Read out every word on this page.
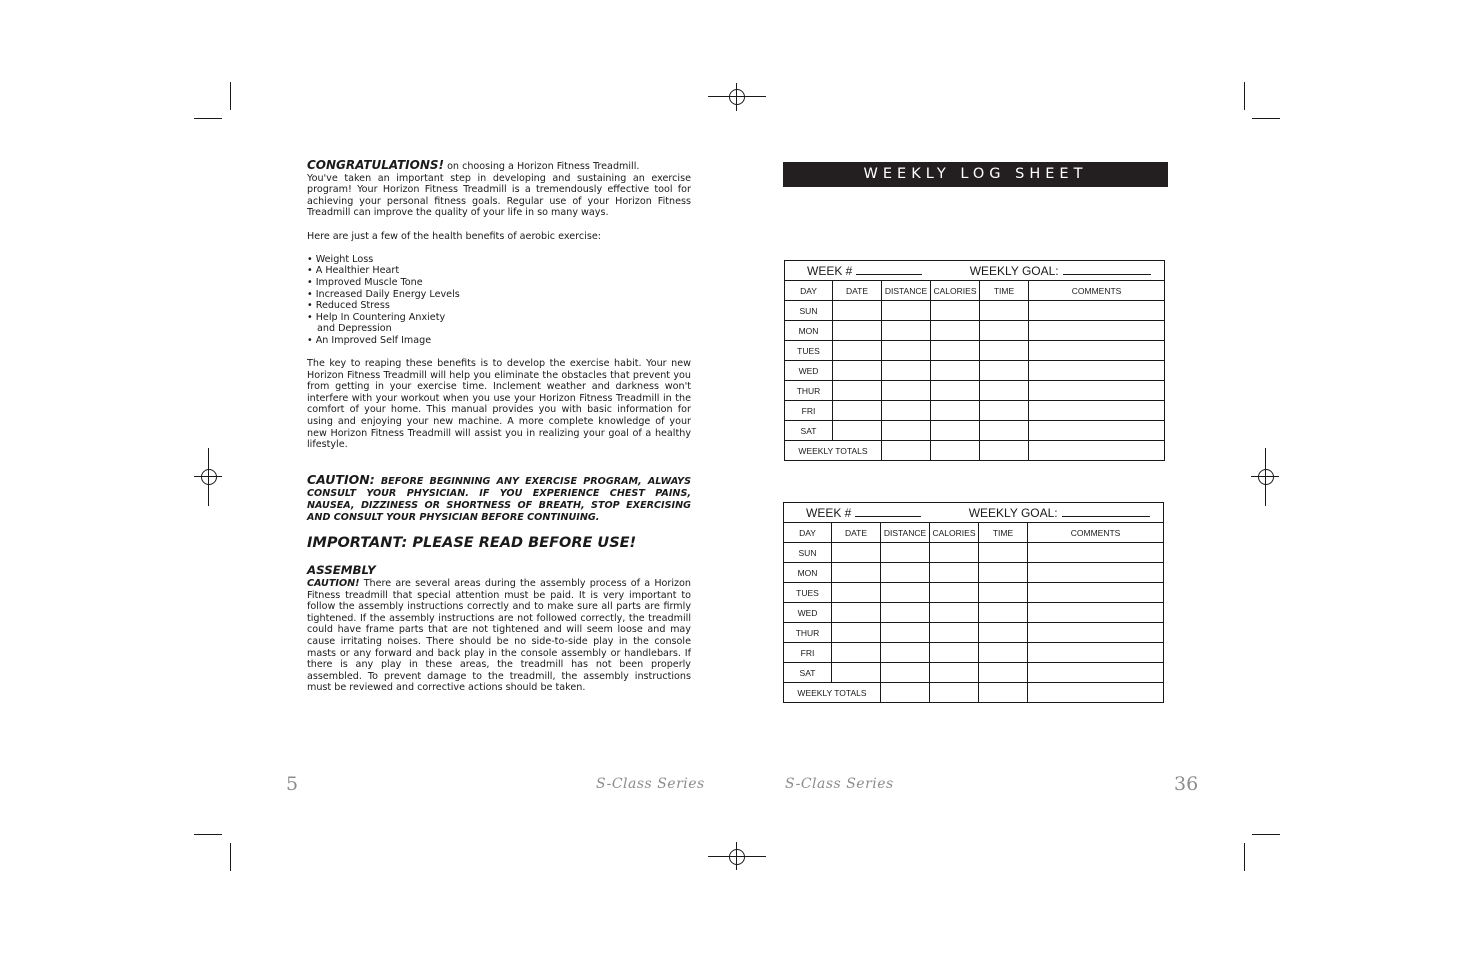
CONGRATULATIONS! on choosing a Horizon Fitness Treadmill.

You've taken an important step in developing and sustaining an exercise program! Your Horizon Fitness Treadmill is a tremendously effective tool for achieving your personal fitness goals. Regular use of your Horizon Fitness Treadmill can improve the quality of your life in so many ways.

Here are just a few of the health benefits of aerobic exercise:

• Weight Loss
• A Healthier Heart
• Improved Muscle Tone
• Increased Daily Energy Levels
• Reduced Stress
• Help In Countering Anxiety and Depression
• An Improved Self Image

The key to reaping these benefits is to develop the exercise habit. Your new Horizon Fitness Treadmill will help you eliminate the obstacles that prevent you from getting in your exercise time. Inclement weather and darkness won't interfere with your workout when you use your Horizon Fitness Treadmill in the comfort of your home. This manual provides you with basic information for using and enjoying your new machine. A more complete knowledge of your new Horizon Fitness Treadmill will assist you in realizing your goal of a healthy lifestyle.

CAUTION: BEFORE BEGINNING ANY EXERCISE PROGRAM, ALWAYS CONSULT YOUR PHYSICIAN. IF YOU EXPERIENCE CHEST PAINS, NAUSEA, DIZZINESS OR SHORTNESS OF BREATH, STOP EXERCISING AND CONSULT YOUR PHYSICIAN BEFORE CONTINUING.

IMPORTANT: PLEASE READ BEFORE USE!

ASSEMBLY

CAUTION! There are several areas during the assembly process of a Horizon Fitness treadmill that special attention must be paid. It is very important to follow the assembly instructions correctly and to make sure all parts are firmly tightened. If the assembly instructions are not followed correctly, the treadmill could have frame parts that are not tightened and will seem loose and may cause irritating noises. There should be no side-to-side play in the console masts or any forward and back play in the console assembly or handlebars. If there is any play in these areas, the treadmill has not been properly assembled. To prevent damage to the treadmill, the assembly instructions must be reviewed and corrective actions should be taken.

5	S-Class Series
WEEKLY LOG SHEET
WEEK # WEEKLY GOAL:					
DAY	DATE	DISTANCE	CALORIES	TIME	COMMENTS
SUN					
MON					
TUES					
WED					
THUR					
FRI					
SAT					
WEEKLY TOTALS					
WEEK # WEEKLY GOAL:					
DAY	DATE	DISTANCE	CALORIES	TIME	COMMENTS
SUN					
MON					
TUES					
WED					
THUR					
FRI					
SAT					
WEEKLY TOTALS					
S-Class Series	36
